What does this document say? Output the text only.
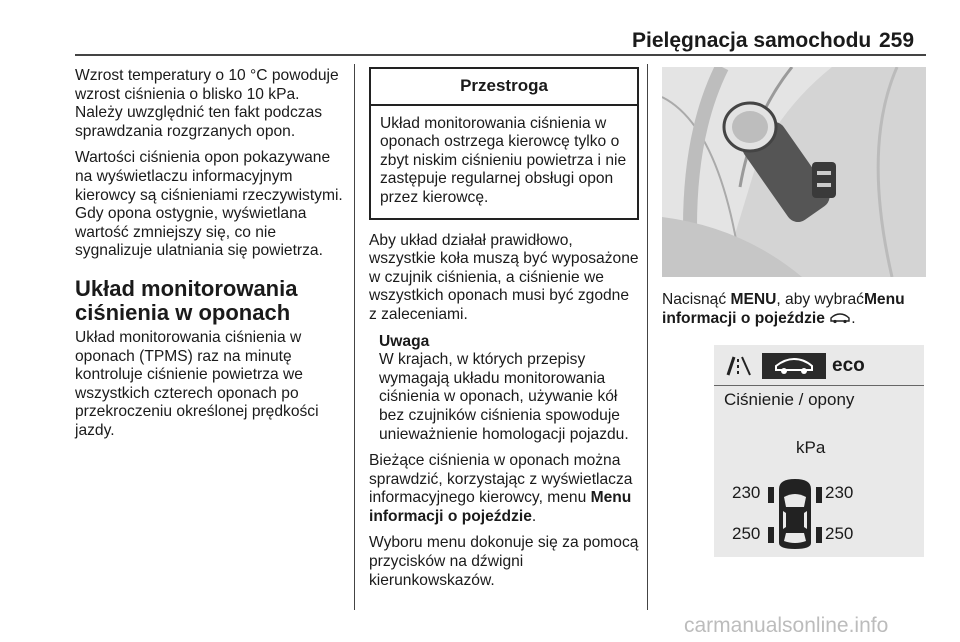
Pielęgnacja samochodu 259

Wzrost temperatury o 10 °C powoduje wzrost ciśnienia o blisko 10 kPa. Należy uwzględnić ten fakt podczas sprawdzania rozgrzanych opon.

Wartości ciśnienia opon pokazywane na wyświetlaczu informacyjnym kierowcy są ciśnieniami rzeczywistymi. Gdy opona ostygnie, wyświetlana wartość zmniejszy się, co nie sygnalizuje ulatniania się powietrza.

Układ monitorowania ciśnienia w oponach

Układ monitorowania ciśnienia w oponach (TPMS) raz na minutę kontroluje ciśnienie powietrza we wszystkich czterech oponach po przekroczeniu określonej prędkości jazdy.

Przestroga
Układ monitorowania ciśnienia w oponach ostrzega kierowcę tylko o zbyt niskim ciśnieniu powietrza i nie zastępuje regularnej obsługi opon przez kierowcę.

Aby układ działał prawidłowo, wszystkie koła muszą być wyposażone w czujnik ciśnienia, a ciśnienie we wszystkich oponach musi być zgodne z zaleceniami.

Uwaga
W krajach, w których przepisy wymagają układu monitorowania ciśnienia w oponach, używanie kół bez czujników ciśnienia spowoduje unieważnienie homologacji pojazdu.

Bieżące ciśnienia w oponach można sprawdzić, korzystając z wyświetlacza informacyjnego kierowcy, menu Menu informacji o pojeździe.

Wyboru menu dokonuje się za pomocą przycisków na dźwigni kierunkowskazów.

Nacisnąć MENU, aby wybraćMenu informacji o pojeździe .

eco
Ciśnienie / opony
kPa
230	230
250	250
carmanualsonline.info
